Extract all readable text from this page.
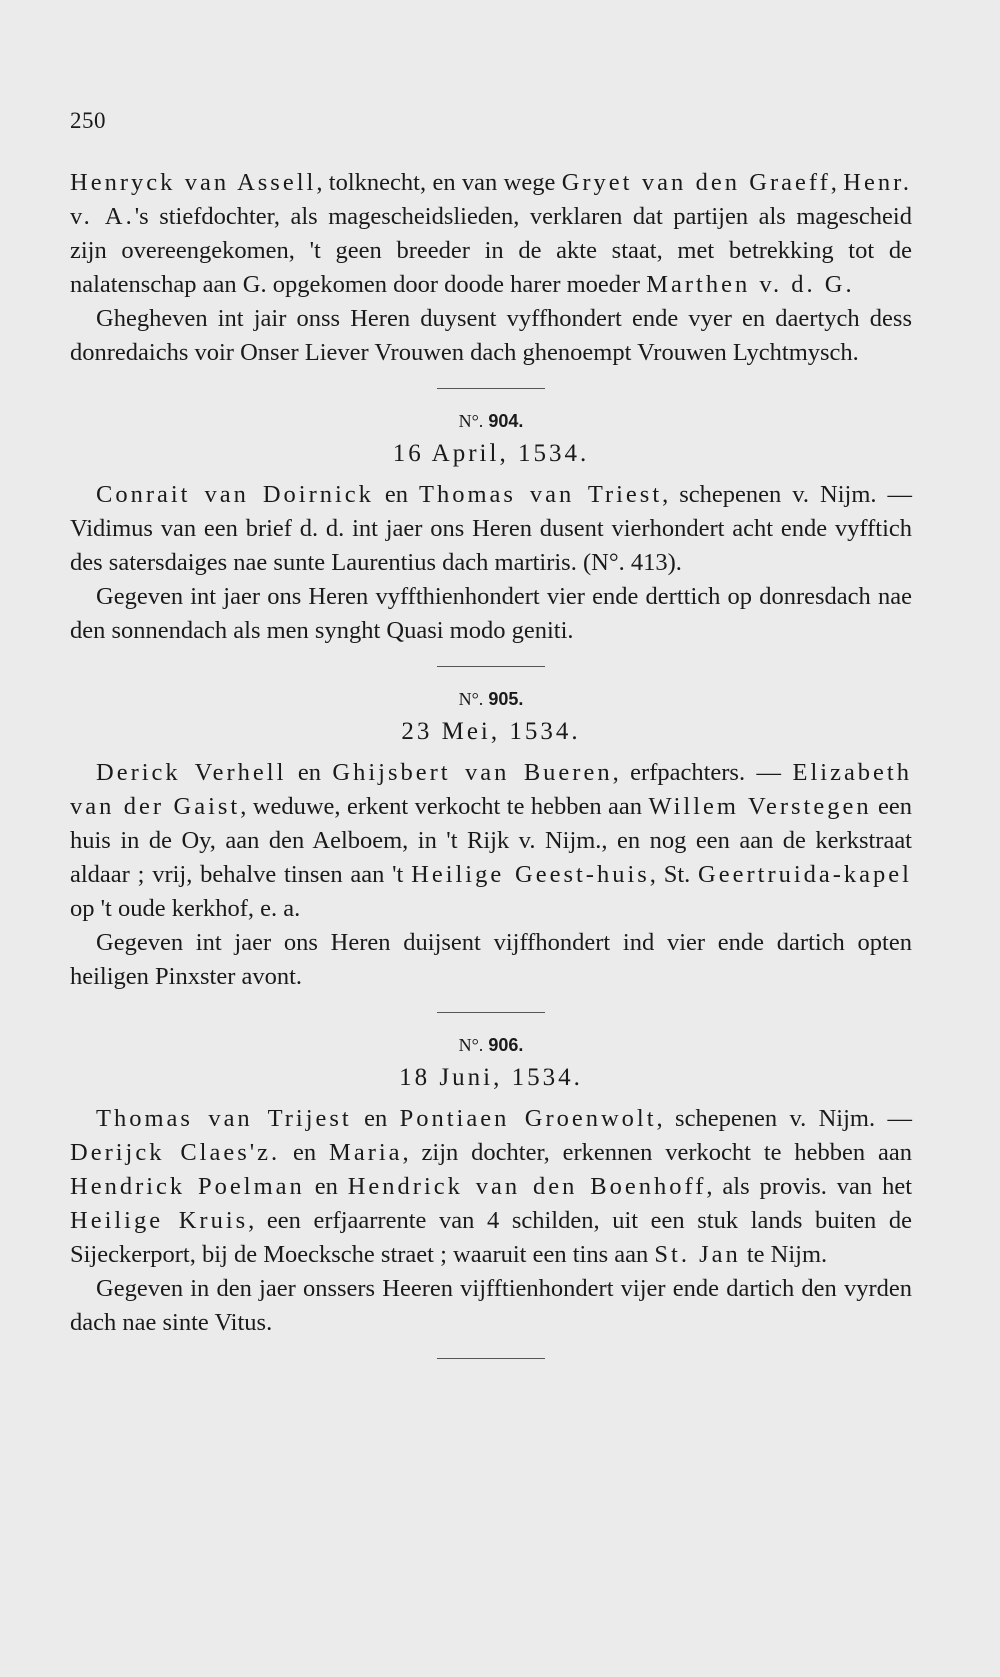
250

Henryck van Assell, tolknecht, en van wege Gryet van den Graeff, Henr. v. A.'s stiefdochter, als magescheidslieden, verklaren dat partijen als magescheid zijn overeengekomen, 't geen breeder in de akte staat, met betrekking tot de nalatenschap aan G. opgekomen door doode harer moeder Marthen v. d. G.

Ghegheven int jair onss Heren duysent vyffhondert ende vyer en daertych dess donredaichs voir Onser Liever Vrouwen dach ghenoempt Vrouwen Lychtmysch.

N°. 904.
16 April, 1534.

Conrait van Doirnick en Thomas van Triest, schepenen v. Nijm. — Vidimus van een brief d. d. int jaer ons Heren dusent vierhondert acht ende vyfftich des satersdaiges nae sunte Laurentius dach martiris. (N°. 413).

Gegeven int jaer ons Heren vyffthienhondert vier ende derttich op donresdach nae den sonnendach als men synght Quasi modo geniti.

N°. 905.
23 Mei, 1534.

Derick Verhell en Ghijsbert van Bueren, erfpachters. — Elizabeth van der Gaist, weduwe, erkent verkocht te hebben aan Willem Verstegen een huis in de Oy, aan den Aelboem, in 't Rijk v. Nijm., en nog een aan de kerkstraat aldaar ; vrij, behalve tinsen aan 't Heilige Geest-huis, St. Geertruida-kapel op 't oude kerkhof, e. a.

Gegeven int jaer ons Heren duijsent vijffhondert ind vier ende dartich opten heiligen Pinxster avont.

N°. 906.
18 Juni, 1534.

Thomas van Trijest en Pontiaen Groenwolt, schepenen v. Nijm. — Derijck Claes'z. en Maria, zijn dochter, erkennen verkocht te hebben aan Hendrick Poelman en Hendrick van den Boenhoff, als provis. van het Heilige Kruis, een erfjaarrente van 4 schilden, uit een stuk lands buiten de Sijeckerport, bij de Moecksche straet ; waaruit een tins aan St. Jan te Nijm.

Gegeven in den jaer onssers Heeren vijfftienhondert vijer ende dartich den vyrden dach nae sinte Vitus.
